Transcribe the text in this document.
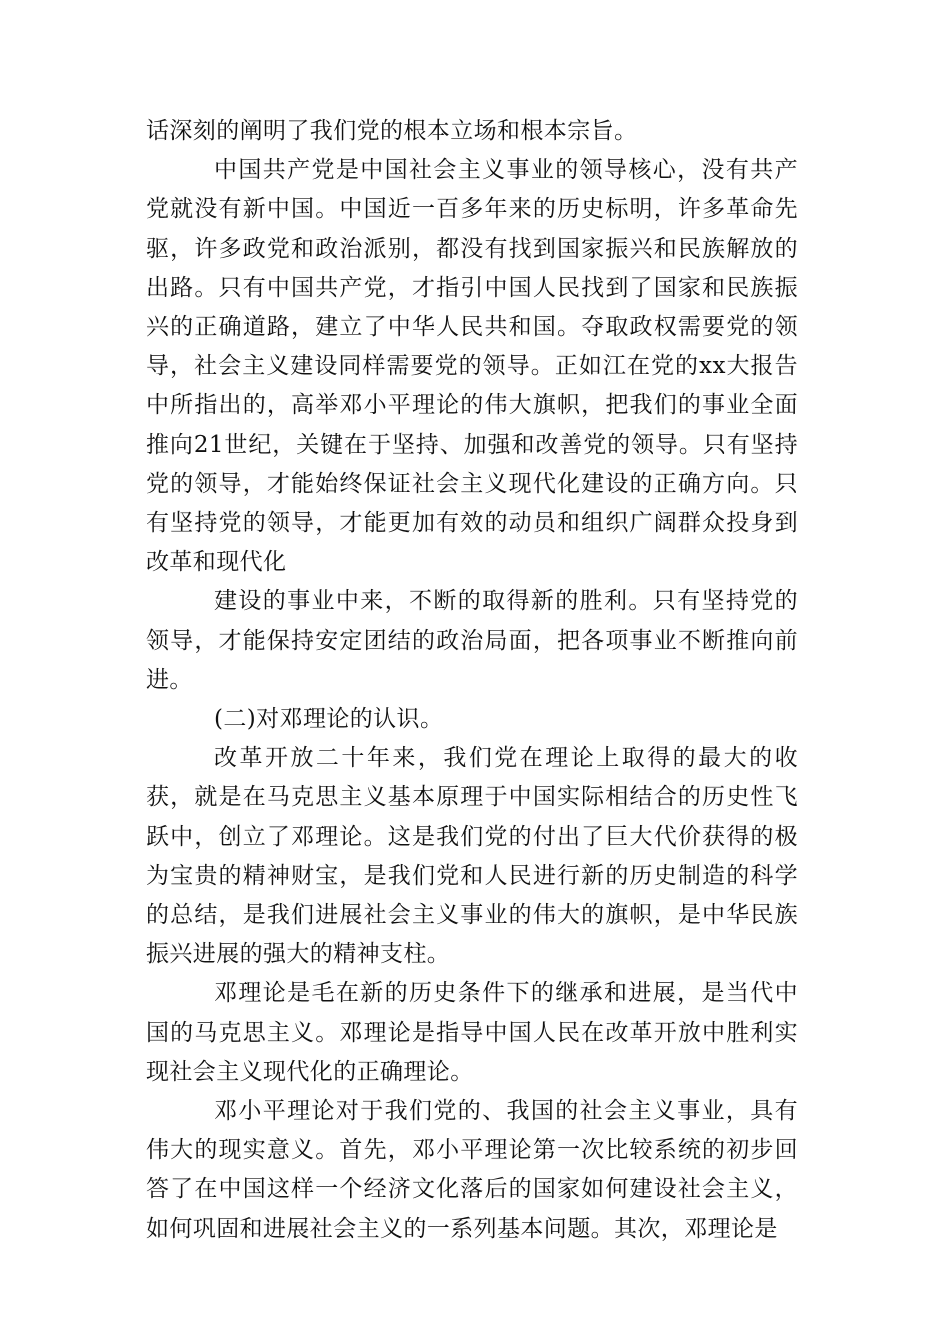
话深刻的阐明了我们党的根本立场和根本宗旨。

中国共产党是中国社会主义事业的领导核心，没有共产党就没有新中国。中国近一百多年来的历史标明，许多革命先驱，许多政党和政治派别，都没有找到国家振兴和民族解放的出路。只有中国共产党，才指引中国人民找到了国家和民族振兴的正确道路，建立了中华人民共和国。夺取政权需要党的领导，社会主义建设同样需要党的领导。正如江在党的xx大报告中所指出的，高举邓小平理论的伟大旗帜，把我们的事业全面推向21世纪，关键在于坚持、加强和改善党的领导。只有坚持党的领导，才能始终保证社会主义现代化建设的正确方向。只有坚持党的领导，才能更加有效的动员和组织广阔群众投身到改革和现代化

建设的事业中来，不断的取得新的胜利。只有坚持党的领导，才能保持安定团结的政治局面，把各项事业不断推向前进。

(二)对邓理论的认识。

改革开放二十年来，我们党在理论上取得的最大的收获，就是在马克思主义基本原理于中国实际相结合的历史性飞跃中，创立了邓理论。这是我们党的付出了巨大代价获得的极为宝贵的精神财宝，是我们党和人民进行新的历史制造的科学的总结，是我们进展社会主义事业的伟大的旗帜，是中华民族振兴进展的强大的精神支柱。

邓理论是毛在新的历史条件下的继承和进展，是当代中国的马克思主义。邓理论是指导中国人民在改革开放中胜利实现社会主义现代化的正确理论。

邓小平理论对于我们党的、我国的社会主义事业，具有伟大的现实意义。首先，邓小平理论第一次比较系统的初步回答了在中国这样一个经济文化落后的国家如何建设社会主义，如何巩固和进展社会主义的一系列基本问题。其次，邓理论是
